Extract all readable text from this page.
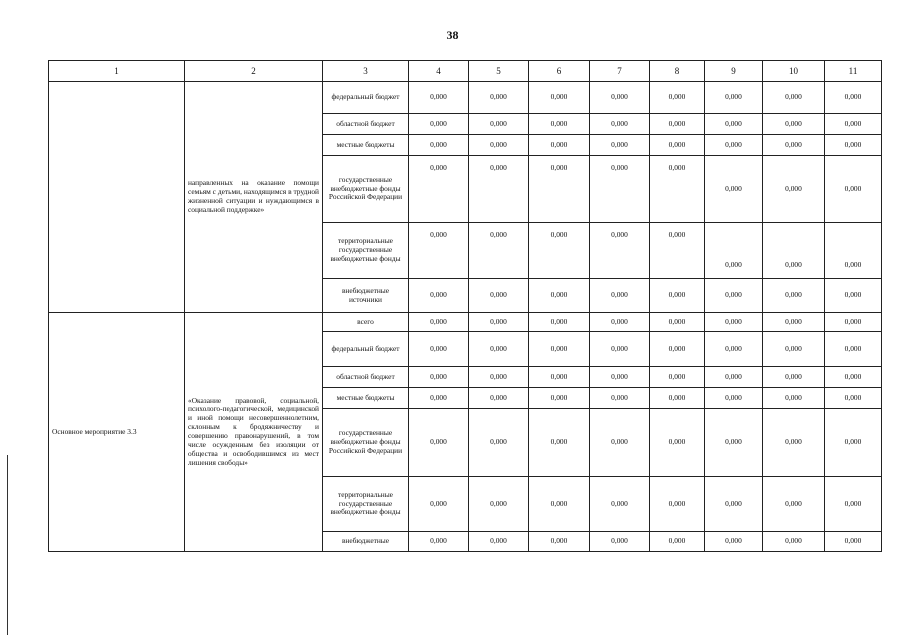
38
1	2	3	4	5	6	7	8	9	10	11
	направленных на оказание помощи семьям с детьми, находящимся в трудной жизненной ситуации и нуждающимся в социальной поддержке»	федеральный бюджет	0,000	0,000	0,000	0,000	0,000	0,000	0,000	0,000
		областной бюджет	0,000	0,000	0,000	0,000	0,000	0,000	0,000	0,000
		местные бюджеты	0,000	0,000	0,000	0,000	0,000	0,000	0,000	0,000
		государственные внебюджетные фонды Российской Федерации	0,000	0,000	0,000	0,000	0,000	0,000	0,000	0,000
		территориальные государственные внебюджетные фонды	0,000	0,000	0,000	0,000	0,000	0,000	0,000	0,000
		внебюджетные источники	0,000	0,000	0,000	0,000	0,000	0,000	0,000	0,000
Основное мероприятие 3.3	«Оказание правовой, социальной, психолого-педагогической, медицинской и иной помощи несовершеннолетним, склонным к бродяжничеству и совершению правонарушений, в том числе осужденным без изоляции от общества и освободившимся из мест лишения свободы»	всего	0,000	0,000	0,000	0,000	0,000	0,000	0,000	0,000
		федеральный бюджет	0,000	0,000	0,000	0,000	0,000	0,000	0,000	0,000
		областной бюджет	0,000	0,000	0,000	0,000	0,000	0,000	0,000	0,000
		местные бюджеты	0,000	0,000	0,000	0,000	0,000	0,000	0,000	0,000
		государственные внебюджетные фонды Российской Федерации	0,000	0,000	0,000	0,000	0,000	0,000	0,000	0,000
		территориальные государственные внебюджетные фонды	0,000	0,000	0,000	0,000	0,000	0,000	0,000	0,000
		внебюджетные	0,000	0,000	0,000	0,000	0,000	0,000	0,000	0,000
